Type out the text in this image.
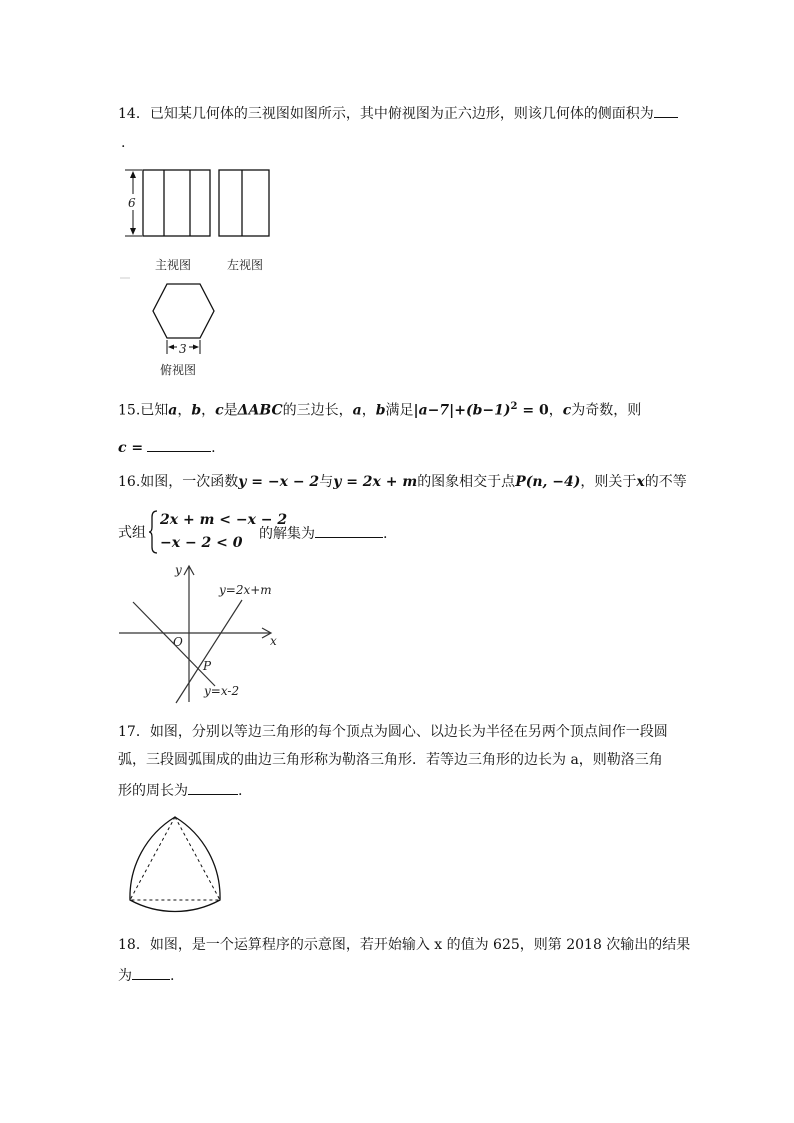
14．已知某几何体的三视图如图所示，其中俯视图为正六边形，则该几何体的侧面积为
.
6
主视图	左视图
3
俯视图
15.已知a，b，c是ΔABC的三边长，a，b满足$|a-7|+(b-1)^2 = 0$，c为奇数，则
c =	.
16.如图，一次函数y = −x − 2与y = 2x + m的图象相交于点P(n, −4)，则关于x的不等
式组
2x + m < −x − 2
−x − 2 < 0
的解集为	.
y
x
O
y=2x+m
y=x-2
P
17．如图，分别以等边三角形的每个顶点为圆心、以边长为半径在另两个顶点间作一段圆
弧，三段圆弧围成的曲边三角形称为勒洛三角形．若等边三角形的边长为 a，则勒洛三角
形的周长为	.
18．如图，是一个运算程序的示意图，若开始输入 x 的值为 625，则第 2018 次输出的结果
为	.
